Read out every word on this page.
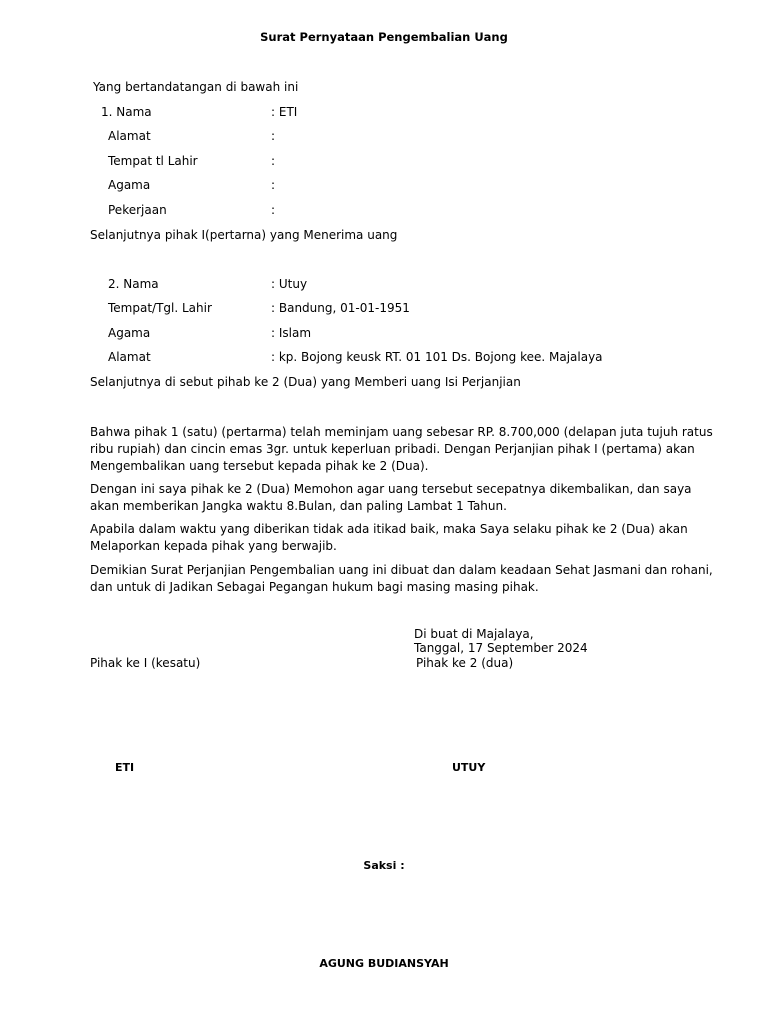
Surat Pernyataan Pengembalian Uang
Yang bertandatangan di bawah ini
1. Nama	: ETI
Alamat	:
Tempat tl Lahir	:
Agama	:
Pekerjaan	:
Selanjutnya pihak I(pertarna) yang Menerima uang
2. Nama	: Utuy
Tempat/Tgl. Lahir	: Bandung, 01-01-1951
Agama	: Islam
Alamat	: kp. Bojong keusk RT. 01 101 Ds. Bojong kee. Majalaya
Selanjutnya di sebut pihab ke 2 (Dua) yang Memberi uang Isi Perjanjian
Bahwa pihak 1 (satu) (pertarma) telah meminjam uang sebesar RP. 8.700,000 (delapan juta tujuh ratus
ribu rupiah) dan cincin emas 3gr. untuk keperluan pribadi. Dengan Perjanjian pihak I (pertama) akan
Mengembalikan uang tersebut kepada pihak ke 2 (Dua).
Dengan ini saya pihak ke 2 (Dua) Memohon agar uang tersebut secepatnya dikembalikan, dan saya
akan memberikan Jangka waktu 8.Bulan, dan paling Lambat 1 Tahun.
Apabila dalam waktu yang diberikan tidak ada itikad baik, maka Saya selaku pihak ke 2 (Dua) akan
Melaporkan kepada pihak yang berwajib.
Demikian Surat Perjanjian Pengembalian uang ini dibuat dan dalam keadaan Sehat Jasmani dan rohani,
dan untuk di Jadikan Sebagai Pegangan hukum bagi masing masing pihak.
Di buat di Majalaya,
Tanggal, 17 September 2024
Pihak ke I (kesatu)	Pihak ke 2 (dua)
ETI	UTUY
Saksi :
AGUNG BUDIANSYAH
